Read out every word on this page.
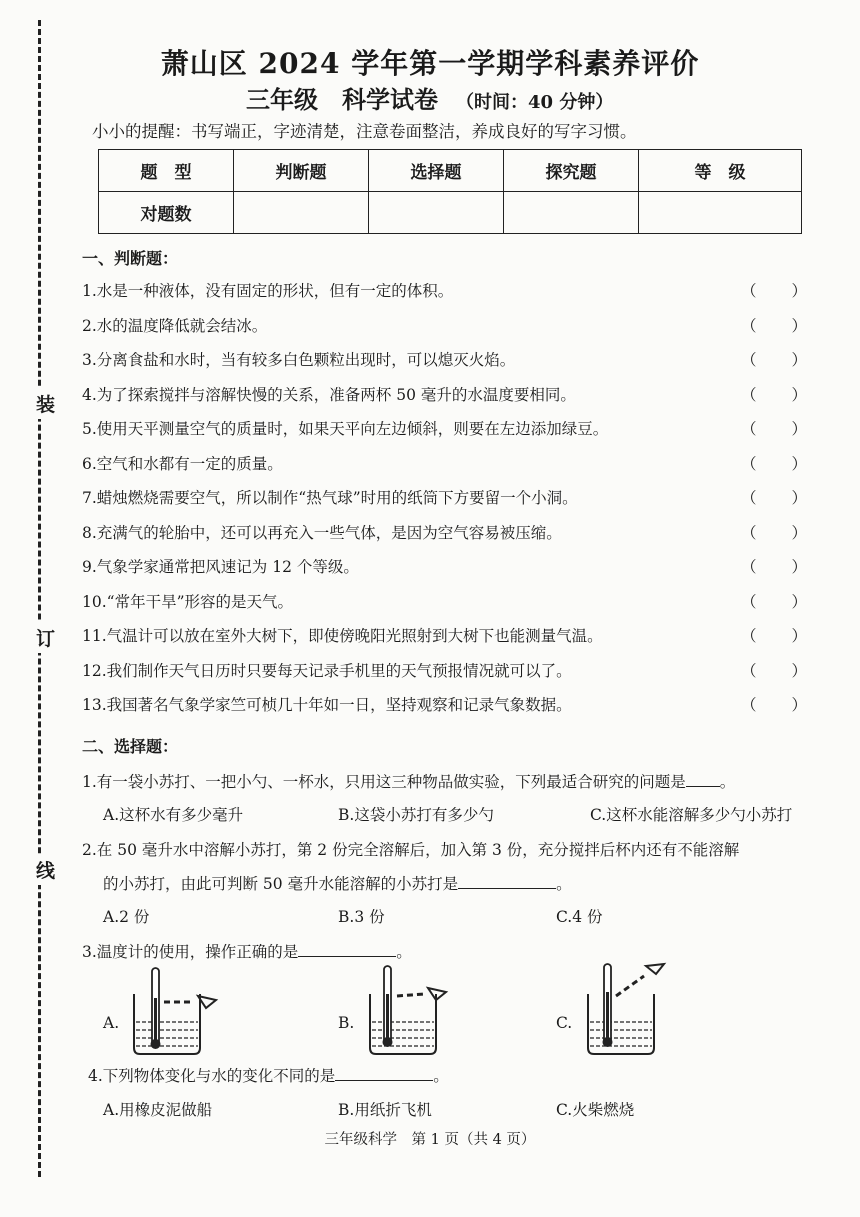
装
订
线
萧山区 2024 学年第一学期学科素养评价
三年级　科学试卷 （时间：40 分钟）
小小的提醒：书写端正，字迹清楚，注意卷面整洁，养成良好的写字习惯。
题　型	判断题	选择题	探究题	等　级
对题数				
一、判断题：
1.水是一种液体，没有固定的形状，但有一定的体积。	（ ）
2.水的温度降低就会结冰。	（ ）
3.分离食盐和水时，当有较多白色颗粒出现时，可以熄灭火焰。	（ ）
4.为了探索搅拌与溶解快慢的关系，准备两杯 50 毫升的水温度要相同。	（ ）
5.使用天平测量空气的质量时，如果天平向左边倾斜，则要在左边添加绿豆。	（ ）
6.空气和水都有一定的质量。	（ ）
7.蜡烛燃烧需要空气，所以制作“热气球”时用的纸筒下方要留一个小洞。	（ ）
8.充满气的轮胎中，还可以再充入一些气体，是因为空气容易被压缩。	（ ）
9.气象学家通常把风速记为 12 个等级。	（ ）
10.“常年干旱”形容的是天气。	（ ）
11.气温计可以放在室外大树下，即使傍晚阳光照射到大树下也能测量气温。	（ ）
12.我们制作天气日历时只要每天记录手机里的天气预报情况就可以了。	（ ）
13.我国著名气象学家竺可桢几十年如一日，坚持观察和记录气象数据。	（ ）
二、选择题：
1.有一袋小苏打、一把小勺、一杯水，只用这三种物品做实验，下列最适合研究的问题是 。
A.这杯水有多少毫升	B.这袋小苏打有多少勺	C.这杯水能溶解多少勺小苏打
2.在 50 毫升水中溶解小苏打，第 2 份完全溶解后，加入第 3 份，充分搅拌后杯内还有不能溶解
的小苏打，由此可判断 50 毫升水能溶解的小苏打是	。
A.2 份	B.3 份	C.4 份
3.温度计的使用，操作正确的是	。
A.	B.	C.
4.下列物体变化与水的变化不同的是	。
A.用橡皮泥做船	B.用纸折飞机	C.火柴燃烧
三年级科学　第 1 页（共 4 页）
